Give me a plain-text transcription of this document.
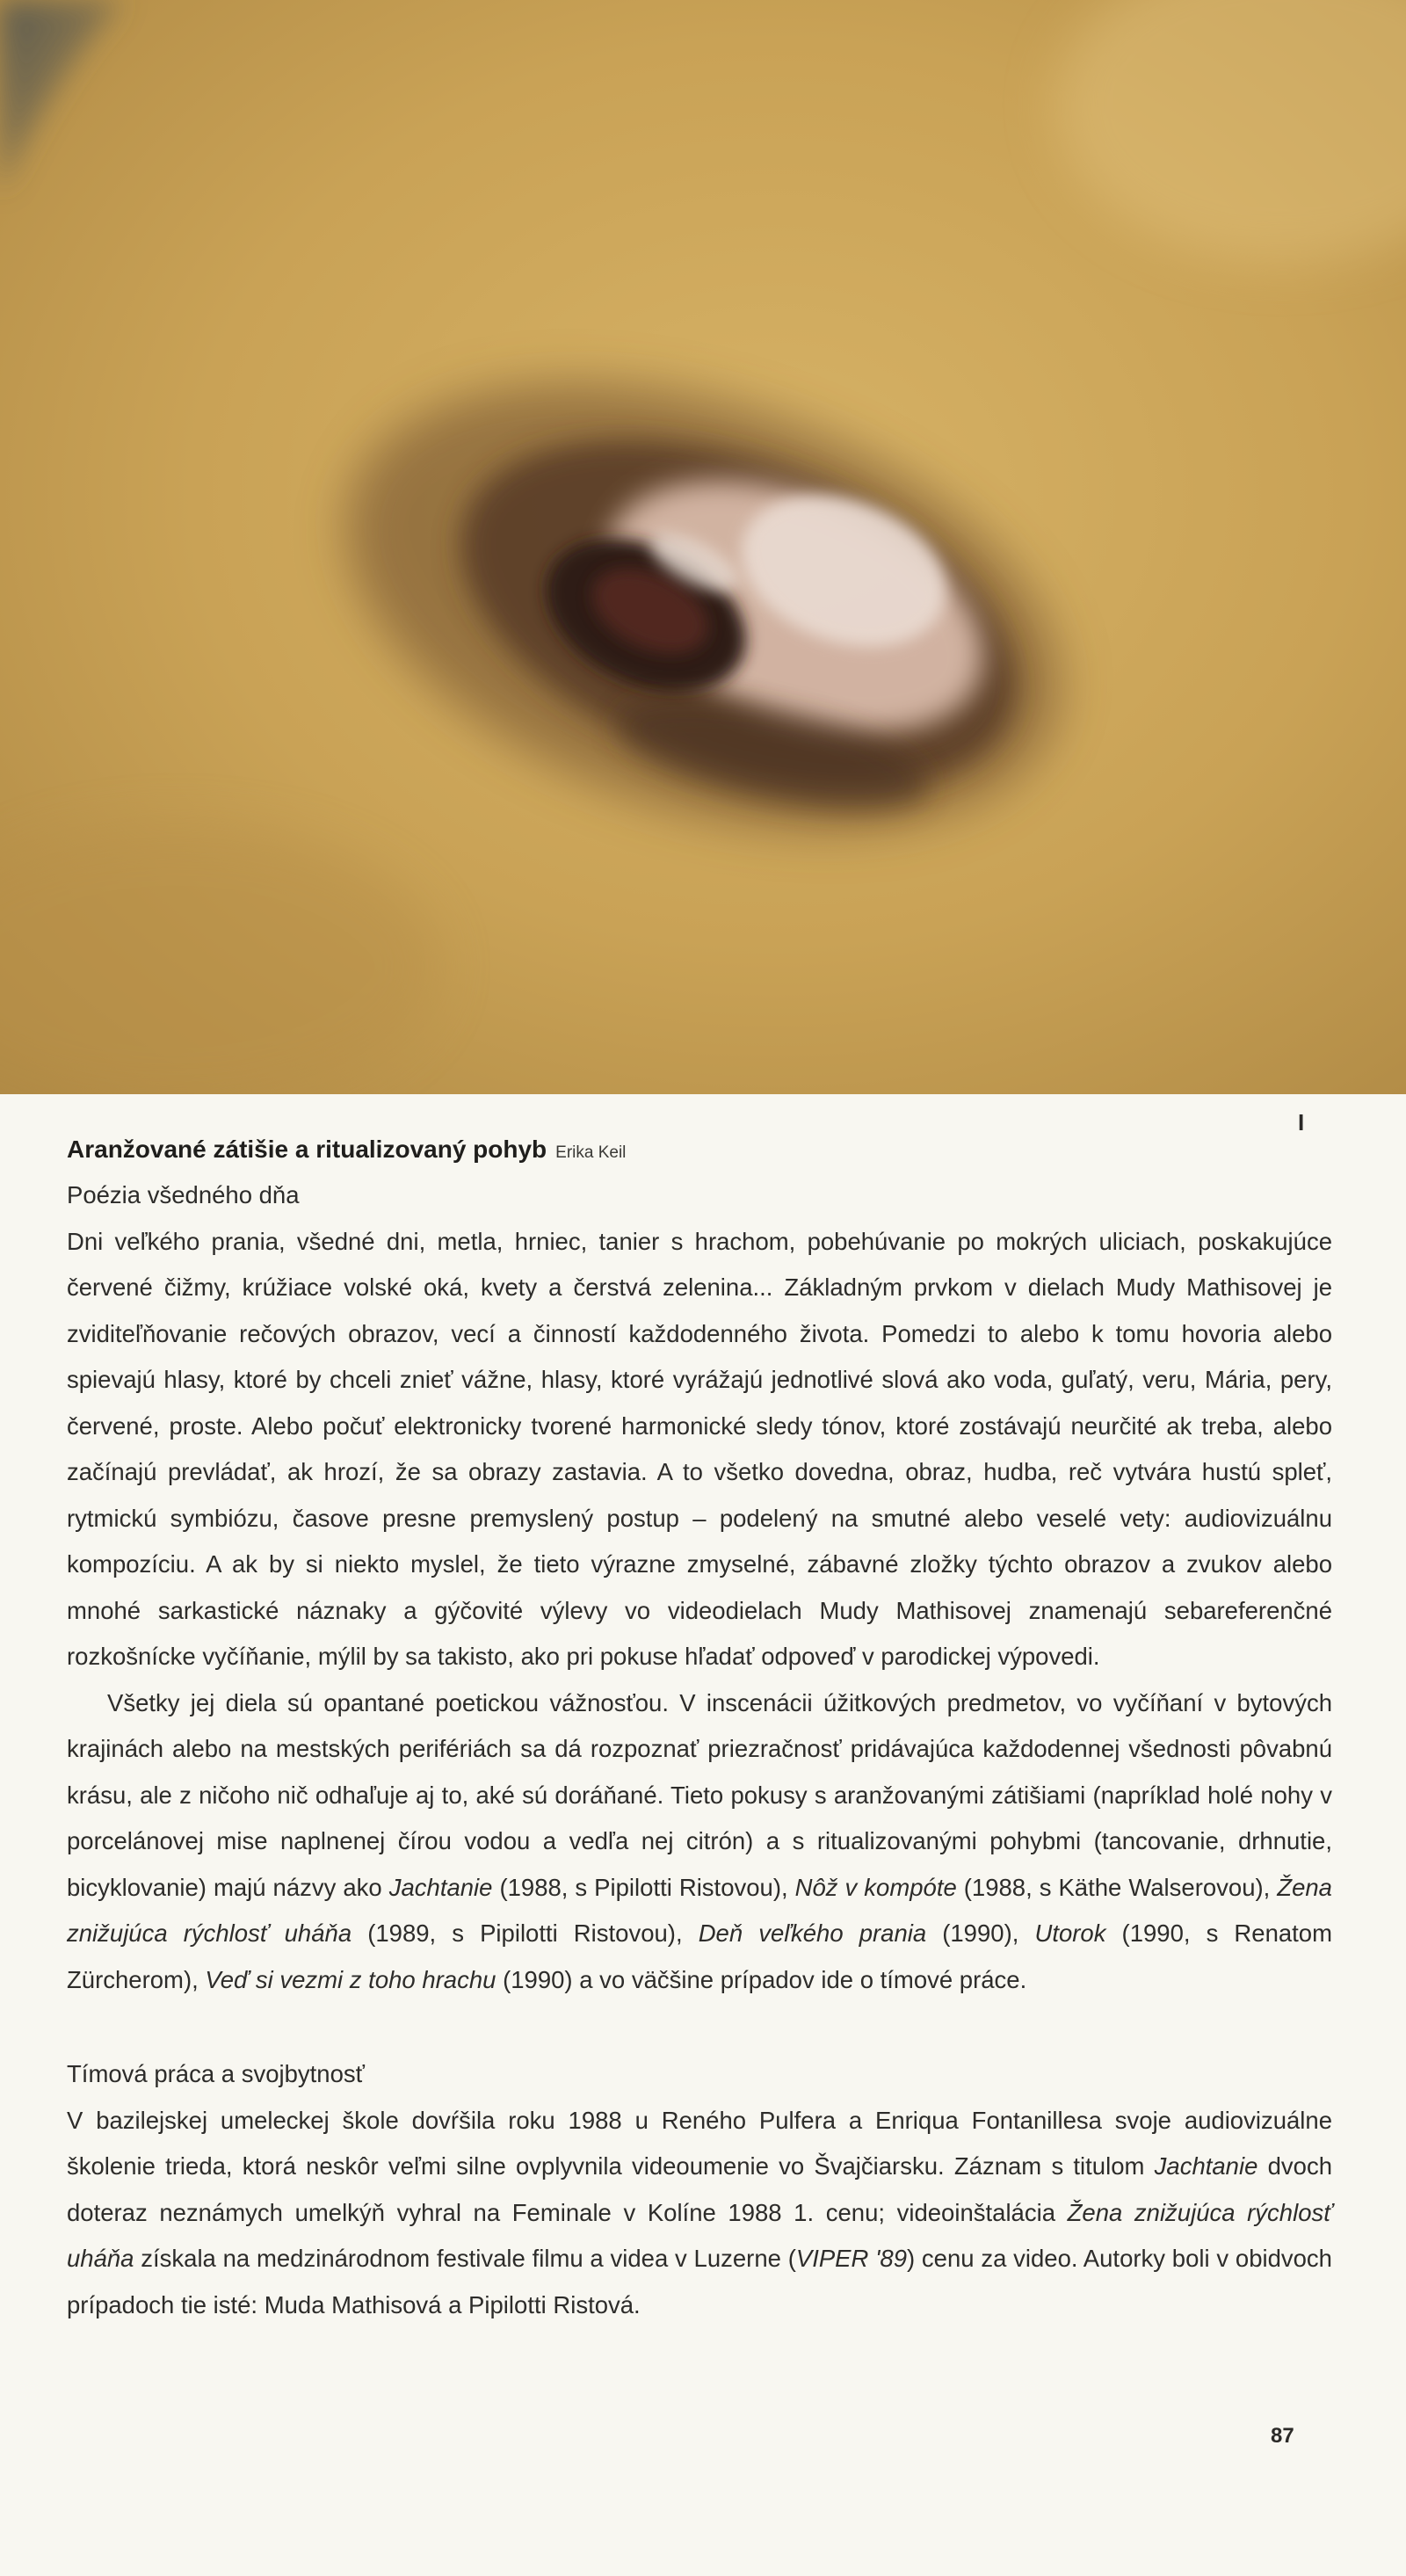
I
Aranžované zátišie a ritualizovaný pohyb Erika Keil
Poézia všedného dňa

Dni veľkého prania, všedné dni, metla, hrniec, tanier s hrachom, pobehúvanie po mokrých uliciach, poskakujúce červené čižmy, krúžiace volské oká, kvety a čerstvá zelenina... Základným prvkom v dielach Mudy Mathisovej je zviditeľňovanie rečových obrazov, vecí a činností každodenného života. Pomedzi to alebo k tomu hovoria alebo spievajú hlasy, ktoré by chceli znieť vážne, hlasy, ktoré vyrážajú jednotlivé slová ako voda, guľatý, veru, Mária, pery, červené, proste. Alebo počuť elektronicky tvorené harmonické sledy tónov, ktoré zostávajú neurčité ak treba, alebo začínajú prevládať, ak hrozí, že sa obrazy zastavia. A to všetko dovedna, obraz, hudba, reč vytvára hustú spleť, rytmickú symbiózu, časove presne premyslený postup – podelený na smutné alebo veselé vety: audiovizuálnu kompozíciu. A ak by si niekto myslel, že tieto výrazne zmyselné, zábavné zložky týchto obrazov a zvukov alebo mnohé sarkastické náznaky a gýčovité výlevy vo videodielach Mudy Mathisovej znamenajú sebareferenčné rozkošnícke vyčíňanie, mýlil by sa takisto, ako pri pokuse hľadať odpoveď v parodickej výpovedi.

Všetky jej diela sú opantané poetickou vážnosťou. V inscenácii úžitkových predmetov, vo vyčíňaní v bytových krajinách alebo na mestských perifériách sa dá rozpoznať priezračnosť pridávajúca každodennej všednosti pôvabnú krásu, ale z ničoho nič odhaľuje aj to, aké sú doráňané. Tieto pokusy s aranžovanými zátišiami (napríklad holé nohy v porcelánovej mise naplnenej čírou vodou a vedľa nej citrón) a s ritualizovanými pohybmi (tancovanie, drhnutie, bicyklovanie) majú názvy ako Jachtanie (1988, s Pipilotti Ristovou), Nôž v kompóte (1988, s Käthe Walserovou), Žena znižujúca rýchlosť uháňa (1989, s Pipilotti Ristovou), Deň veľkého prania (1990), Utorok (1990, s Renatom Zürcherom), Veď si vezmi z toho hrachu (1990) a vo väčšine prípadov ide o tímové práce.

Tímová práca a svojbytnosť

V bazilejskej umeleckej škole dovŕšila roku 1988 u Reného Pulfera a Enriqua Fontanillesa svoje audiovizuálne školenie trieda, ktorá neskôr veľmi silne ovplyvnila videoumenie vo Švajčiarsku. Záznam s titulom Jachtanie dvoch doteraz neznámych umelkýň vyhral na Feminale v Kolíne 1988 1. cenu; videoinštalácia Žena znižujúca rýchlosť uháňa získala na medzinárodnom festivale filmu a videa v Luzerne (VIPER '89) cenu za video. Autorky boli v obidvoch prípadoch tie isté: Muda Mathisová a Pipilotti Ristová.

87
